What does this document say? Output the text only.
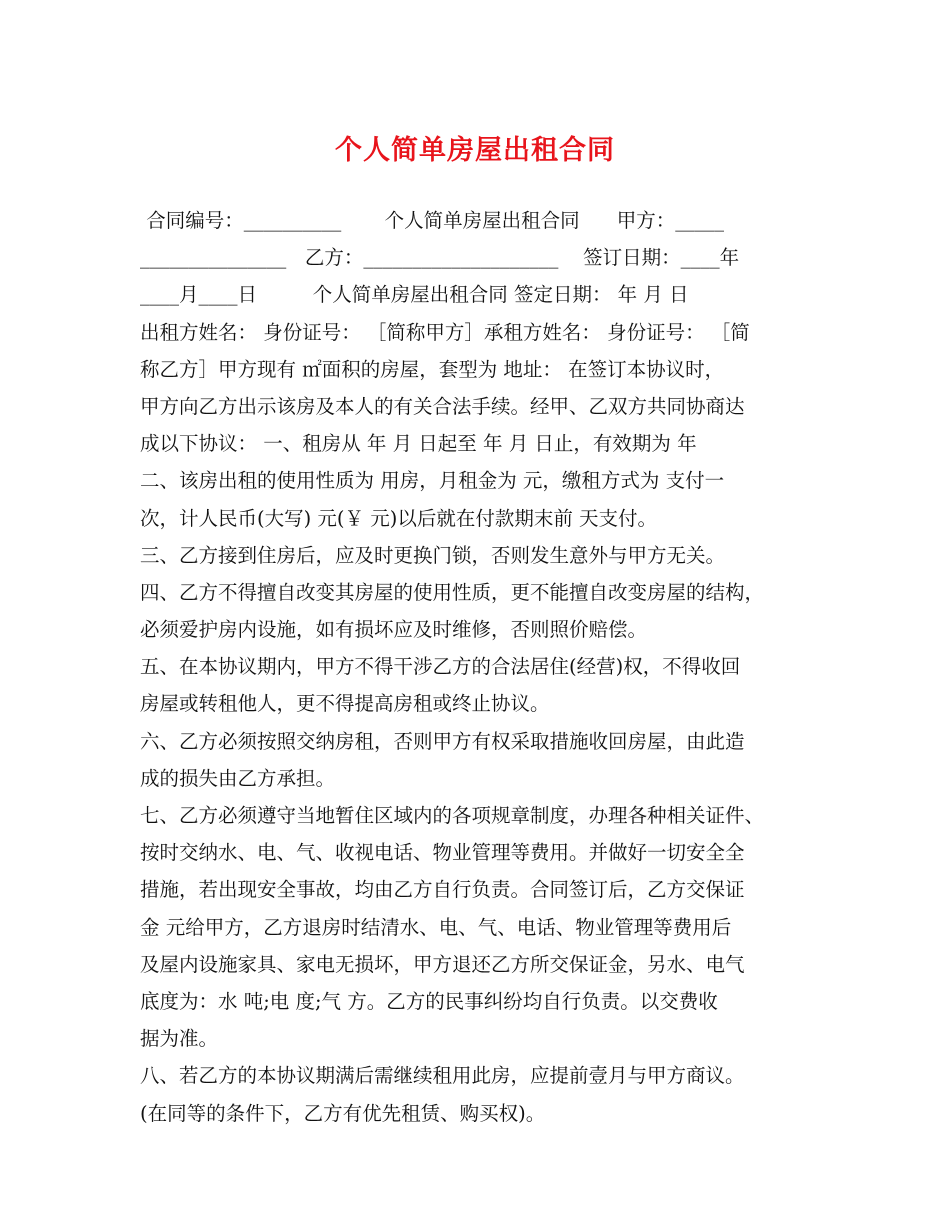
个人简单房屋出租合同
合同编号：__________       个人简单房屋出租合同      甲方：_____
_______________   乙方：____________________    签订日期：____年
____月____日         个人简单房屋出租合同 签定日期： 年 月 日
出租方姓名： 身份证号： ［简称甲方］承租方姓名： 身份证号： ［简
称乙方］甲方现有 ㎡面积的房屋，套型为 地址： 在签订本协议时，
甲方向乙方出示该房及本人的有关合法手续。经甲、乙双方共同协商达
成以下协议： 一、租房从 年 月 日起至 年 月 日止，有效期为 年
二、该房出租的使用性质为 用房，月租金为 元，缴租方式为 支付一
次，计人民币(大写) 元(￥ 元)以后就在付款期末前 天支付。
三、乙方接到住房后，应及时更换门锁，否则发生意外与甲方无关。
四、乙方不得擅自改变其房屋的使用性质，更不能擅自改变房屋的结构，
必须爱护房内设施，如有损坏应及时维修，否则照价赔偿。
五、在本协议期内，甲方不得干涉乙方的合法居住(经营)权，不得收回
房屋或转租他人，更不得提高房租或终止协议。
六、乙方必须按照交纳房租，否则甲方有权采取措施收回房屋，由此造
成的损失由乙方承担。
七、乙方必须遵守当地暂住区域内的各项规章制度，办理各种相关证件、
按时交纳水、电、气、收视电话、物业管理等费用。并做好一切安全全
措施，若出现安全事故，均由乙方自行负责。合同签订后，乙方交保证
金 元给甲方，乙方退房时结清水、电、气、电话、物业管理等费用后
及屋内设施家具、家电无损坏，甲方退还乙方所交保证金，另水、电气
底度为：水 吨;电 度;气 方。乙方的民事纠纷均自行负责。以交费收
据为准。
八、若乙方的本协议期满后需继续租用此房，应提前壹月与甲方商议。
(在同等的条件下，乙方有优先租赁、购买权)。
